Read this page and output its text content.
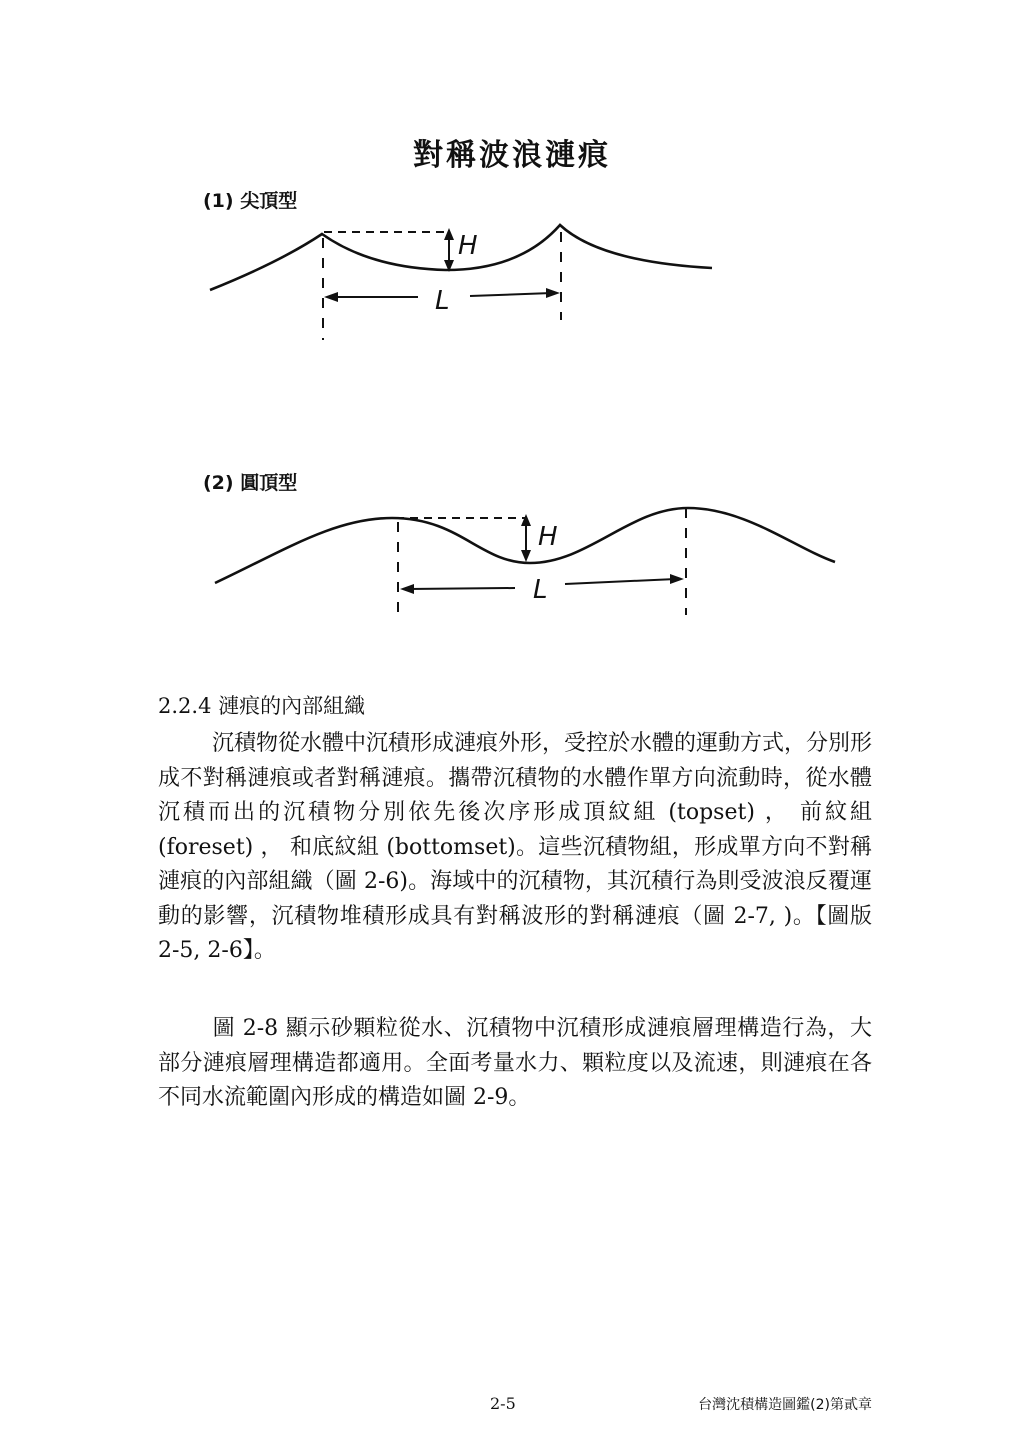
對稱波浪漣痕
(1) 尖頂型
H
L
(2) 圓頂型
H
L
2.2.4 漣痕的內部組織

沉積物從水體中沉積形成漣痕外形，受控於水體的運動方式，分別形成不對稱漣痕或者對稱漣痕。攜帶沉積物的水體作單方向流動時，從水體沉積而出的沉積物分別依先後次序形成頂紋組 (topset) ， 前紋組 (foreset) ， 和底紋組 (bottomset)。這些沉積物組，形成單方向不對稱漣痕的內部組織（圖 2-6)。海域中的沉積物，其沉積行為則受波浪反覆運動的影響，沉積物堆積形成具有對稱波形的對稱漣痕（圖 2-7, )。【圖版 2-5, 2-6】。

圖 2-8 顯示砂顆粒從水、沉積物中沉積形成漣痕層理構造行為，大部分漣痕層理構造都適用。全面考量水力、顆粒度以及流速，則漣痕在各不同水流範圍內形成的構造如圖 2-9。

2-5	台灣沈積構造圖鑑(2)第貳章
